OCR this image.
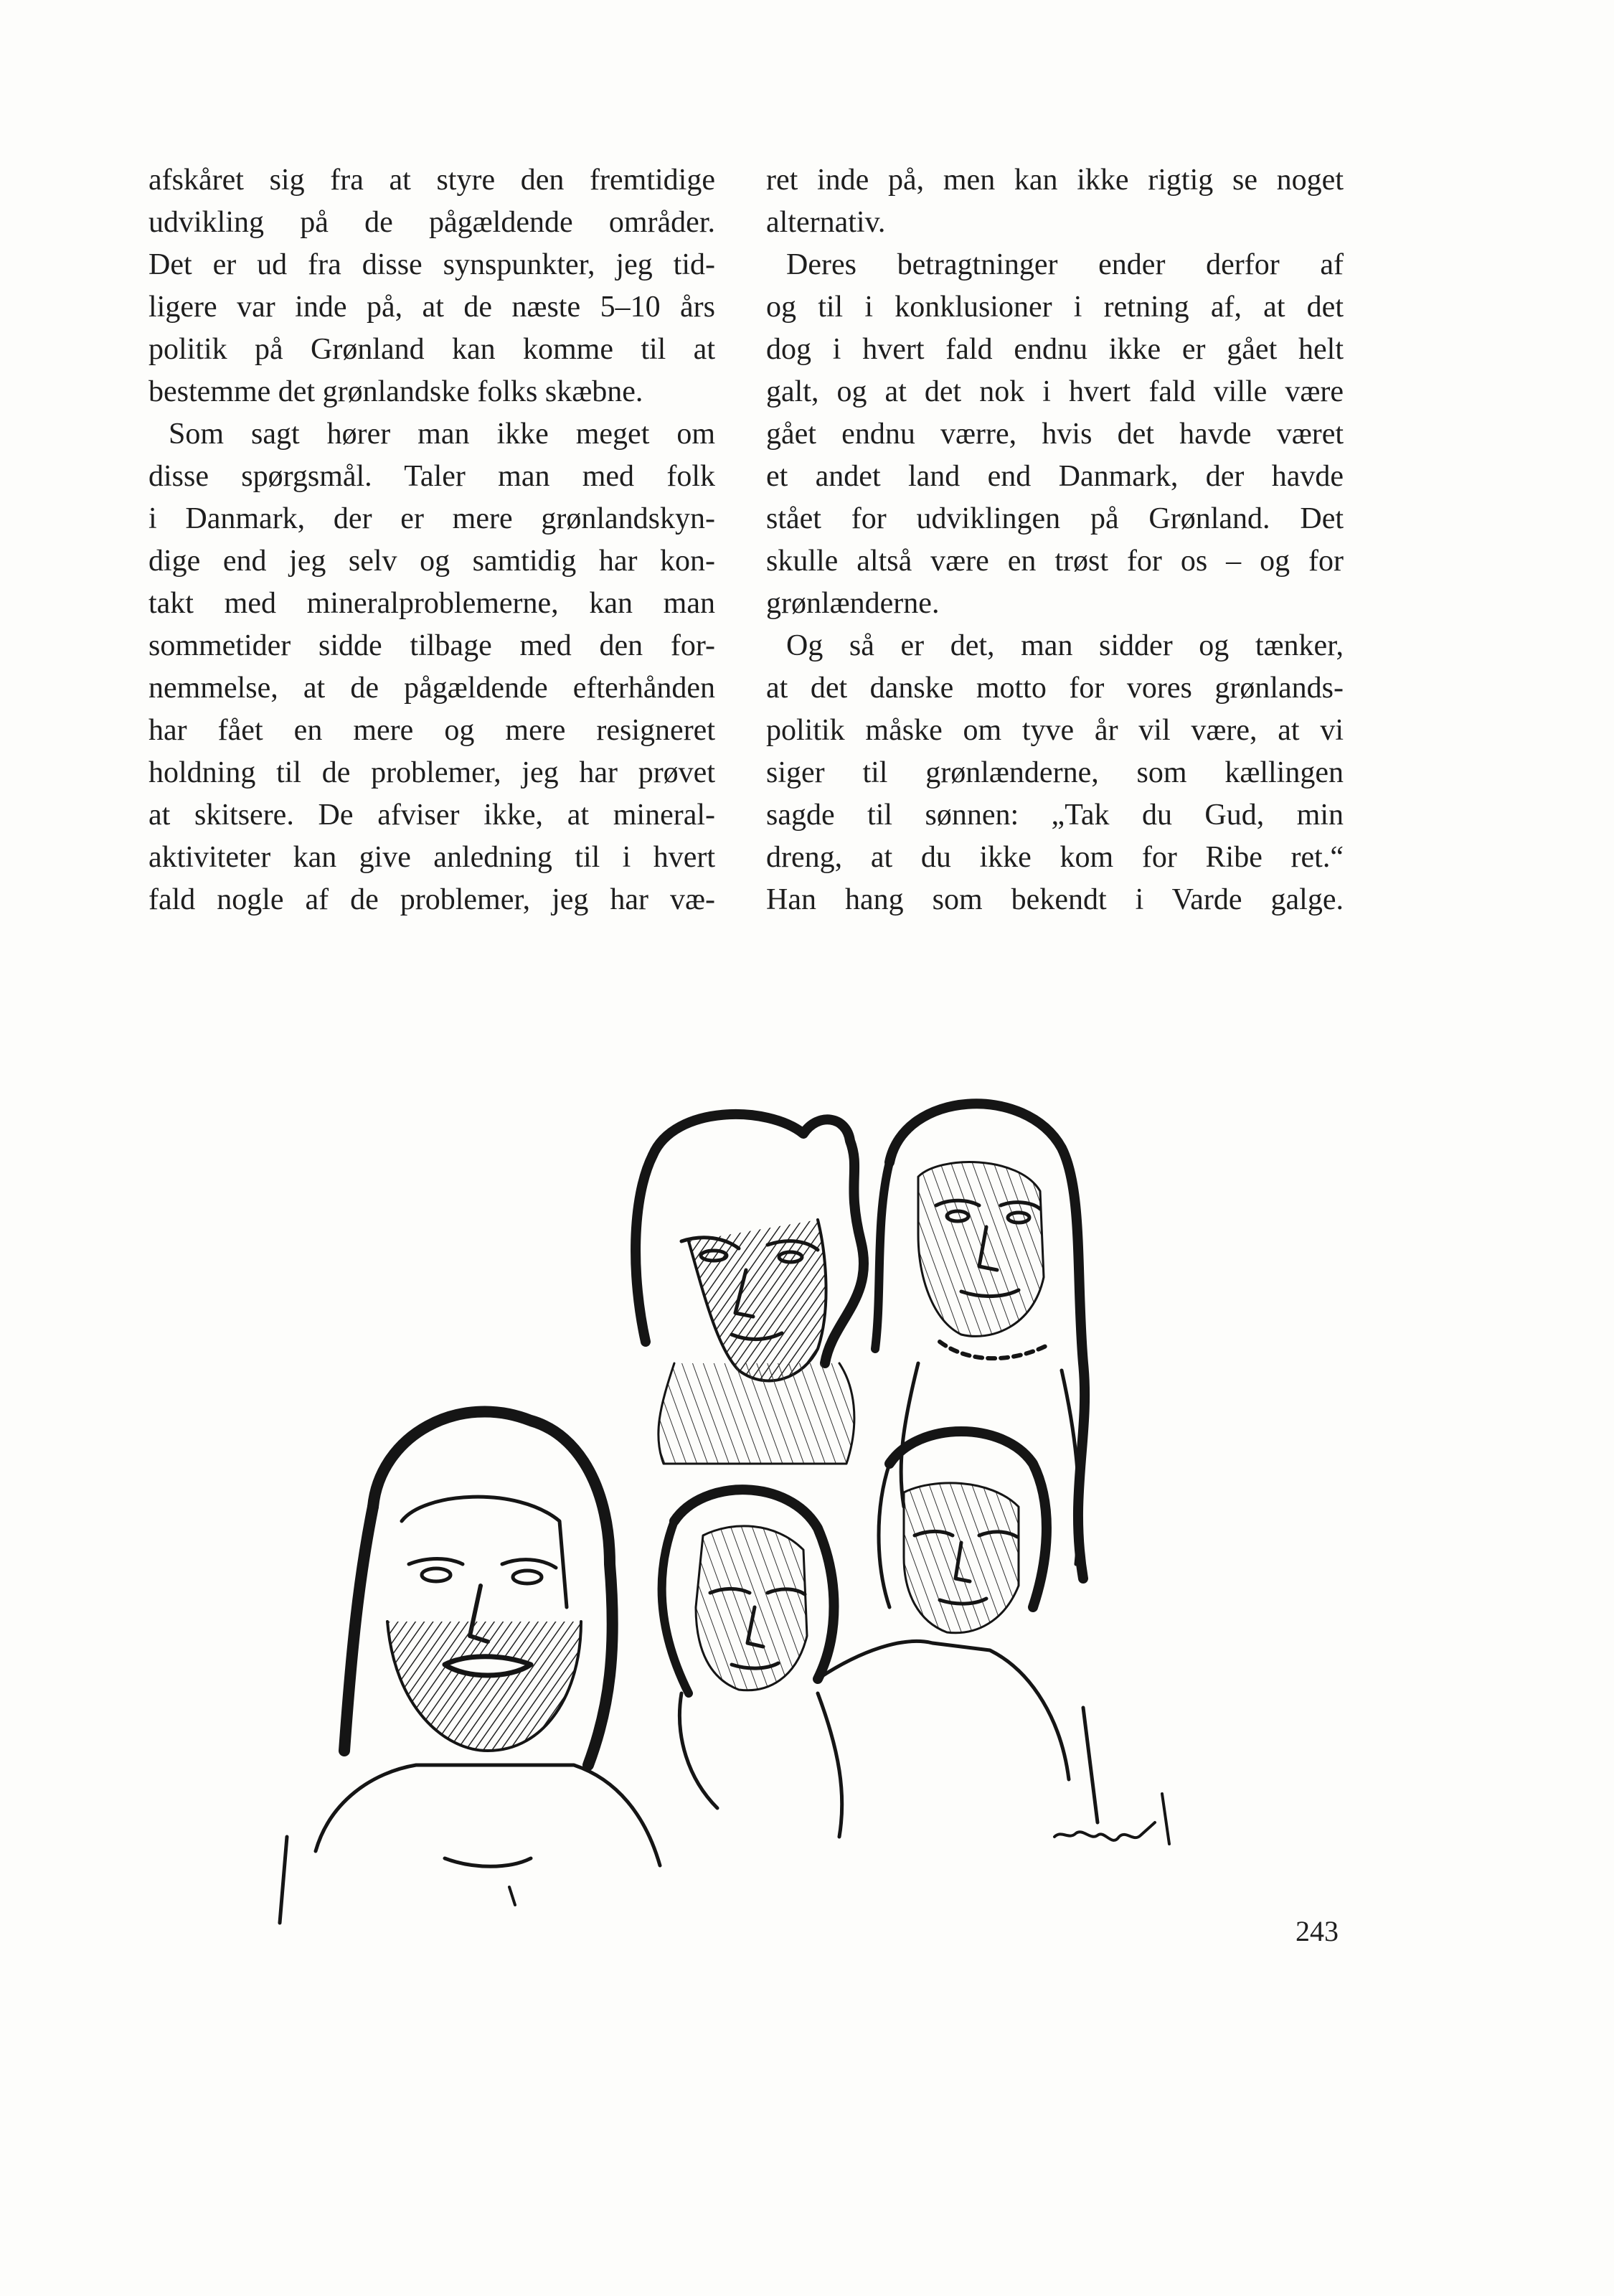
afskåret sig fra at styre den fremtidige
udvikling på de pågældende områder.
Det er ud fra disse synspunkter, jeg tid-
ligere var inde på, at de næste 5–10 års
politik på Grønland kan komme til at
bestemme det grønlandske folks skæbne.
Som sagt hører man ikke meget om
disse spørgsmål. Taler man med folk
i Danmark, der er mere grønlandskyn-
dige end jeg selv og samtidig har kon-
takt med mineralproblemerne, kan man
sommetider sidde tilbage med den for-
nemmelse, at de pågældende efterhånden
har fået en mere og mere resigneret
holdning til de problemer, jeg har prøvet
at skitsere. De afviser ikke, at mineral-
aktiviteter kan give anledning til i hvert
fald nogle af de problemer, jeg har væ-
ret inde på, men kan ikke rigtig se noget
alternativ.
Deres betragtninger ender derfor af
og til i konklusioner i retning af, at det
dog i hvert fald endnu ikke er gået helt
galt, og at det nok i hvert fald ville være
gået endnu værre, hvis det havde været
et andet land end Danmark, der havde
stået for udviklingen på Grønland. Det
skulle altså være en trøst for os – og for
grønlænderne.
Og så er det, man sidder og tænker,
at det danske motto for vores grønlands-
politik måske om tyve år vil være, at vi
siger til grønlænderne, som kællingen
sagde til sønnen: „Tak du Gud, min
dreng, at du ikke kom for Ribe ret.“
Han hang som bekendt i Varde galge.
243
